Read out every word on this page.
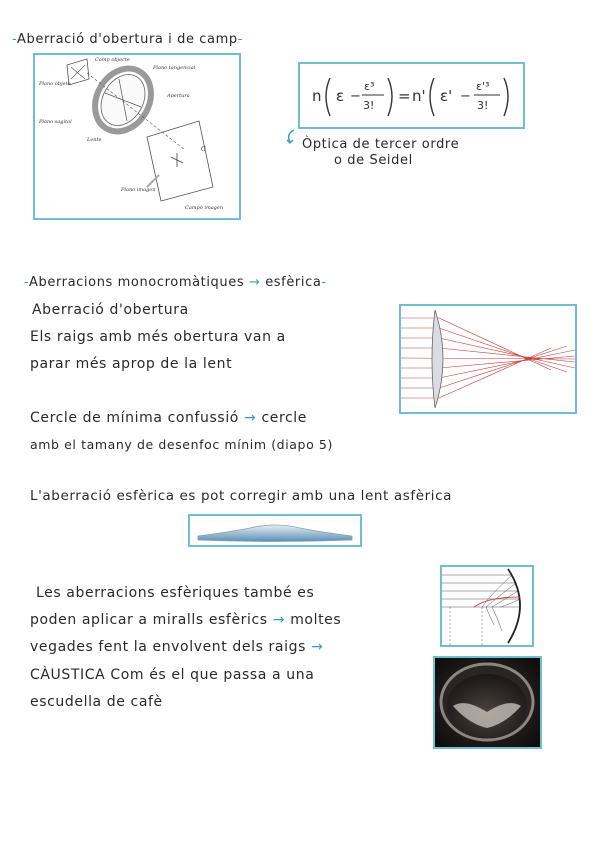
-Aberració d'obertura i de camp-
Camp objecte
Plano objeto
Plano sagital
Plano tangencial
Apertura
Lente
G
Plano imagen
Campo imagen
n ε −
ε³
3!
= n' ε' −
ε'³
3!
Òptica de tercer ordre
o de Seidel
-Aberracions monocromàtiques → esfèrica-
Aberració d'obertura
Els raigs amb més obertura van a
parar més aprop de la lent
Cercle de mínima confussió → cercle
amb el tamany de desenfoc mínim (diapo 5)
L'aberració esfèrica es pot corregir amb una lent asfèrica
Les aberracions esfèriques també es
poden aplicar a miralls esfèrics → moltes
vegades fent la envolvent dels raigs →
CÀUSTICA Com és el que passa a una
escudella de cafè
